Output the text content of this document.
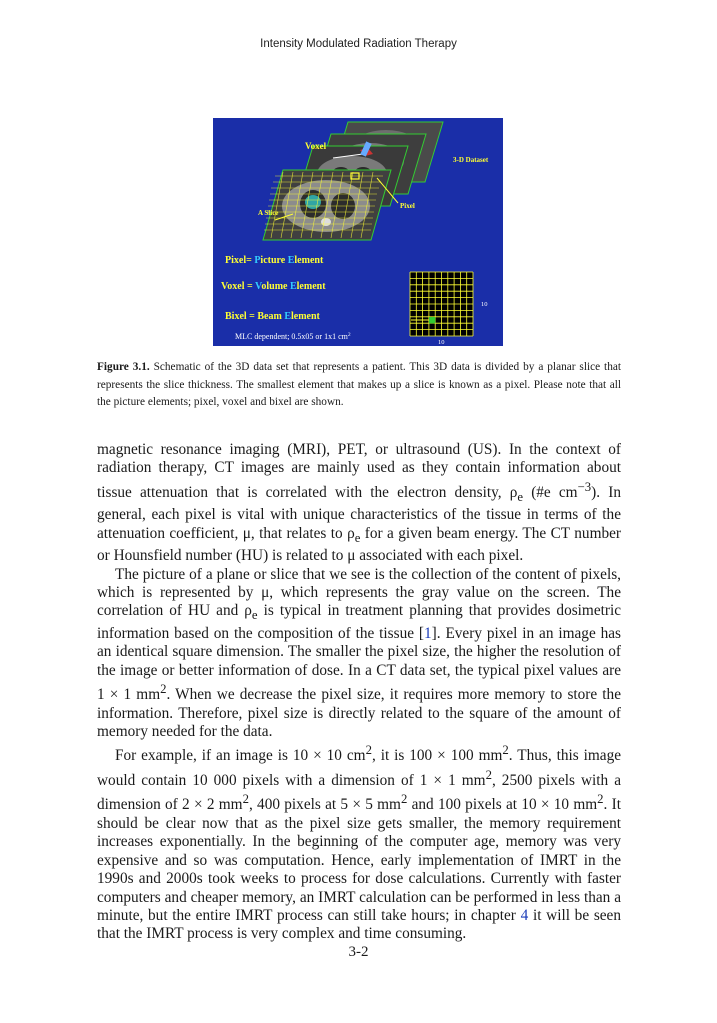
Intensity Modulated Radiation Therapy
Voxel
3-D Dataset
Pixel
A Slice
Pixel= Picture Element
Voxel = Volume Element
Bixel = Beam Element
MLC dependent; 0.5x05 or 1x1 $cm^2$
10
10
Figure 3.1. Schematic of the 3D data set that represents a patient. This 3D data is divided by a planar slice that represents the slice thickness. The smallest element that makes up a slice is known as a pixel. Please note that all the picture elements; pixel, voxel and bixel are shown.

magnetic resonance imaging (MRI), PET, or ultrasound (US). In the context of radiation therapy, CT images are mainly used as they contain information about tissue attenuation that is correlated with the electron density, $\rho_e$ (#e $cm^{-3}$). In general, each pixel is vital with unique characteristics of the tissue in terms of the attenuation coefficient, μ, that relates to $\rho_e$ for a given beam energy. The CT number or Hounsfield number (HU) is related to μ associated with each pixel.

The picture of a plane or slice that we see is the collection of the content of pixels, which is represented by μ, which represents the gray value on the screen. The correlation of HU and $\rho_e$ is typical in treatment planning that provides dosimetric information based on the composition of the tissue [1]. Every pixel in an image has an identical square dimension. The smaller the pixel size, the higher the resolution of the image or better information of dose. In a CT data set, the typical pixel values are 1 × 1 $mm^2$. When we decrease the pixel size, it requires more memory to store the information. Therefore, pixel size is directly related to the square of the amount of memory needed for the data.

For example, if an image is 10 × 10 $cm^2$, it is 100 × 100 $mm^2$. Thus, this image would contain 10 000 pixels with a dimension of 1 × 1 $mm^2$, 2500 pixels with a dimension of 2 × 2 $mm^2$, 400 pixels at 5 × 5 $mm^2$ and 100 pixels at 10 × 10 $mm^2$. It should be clear now that as the pixel size gets smaller, the memory requirement increases exponentially. In the beginning of the computer age, memory was very expensive and so was computation. Hence, early implementation of IMRT in the 1990s and 2000s took weeks to process for dose calculations. Currently with faster computers and cheaper memory, an IMRT calculation can be performed in less than a minute, but the entire IMRT process can still take hours; in chapter 4 it will be seen that the IMRT process is very complex and time consuming.

3-2
